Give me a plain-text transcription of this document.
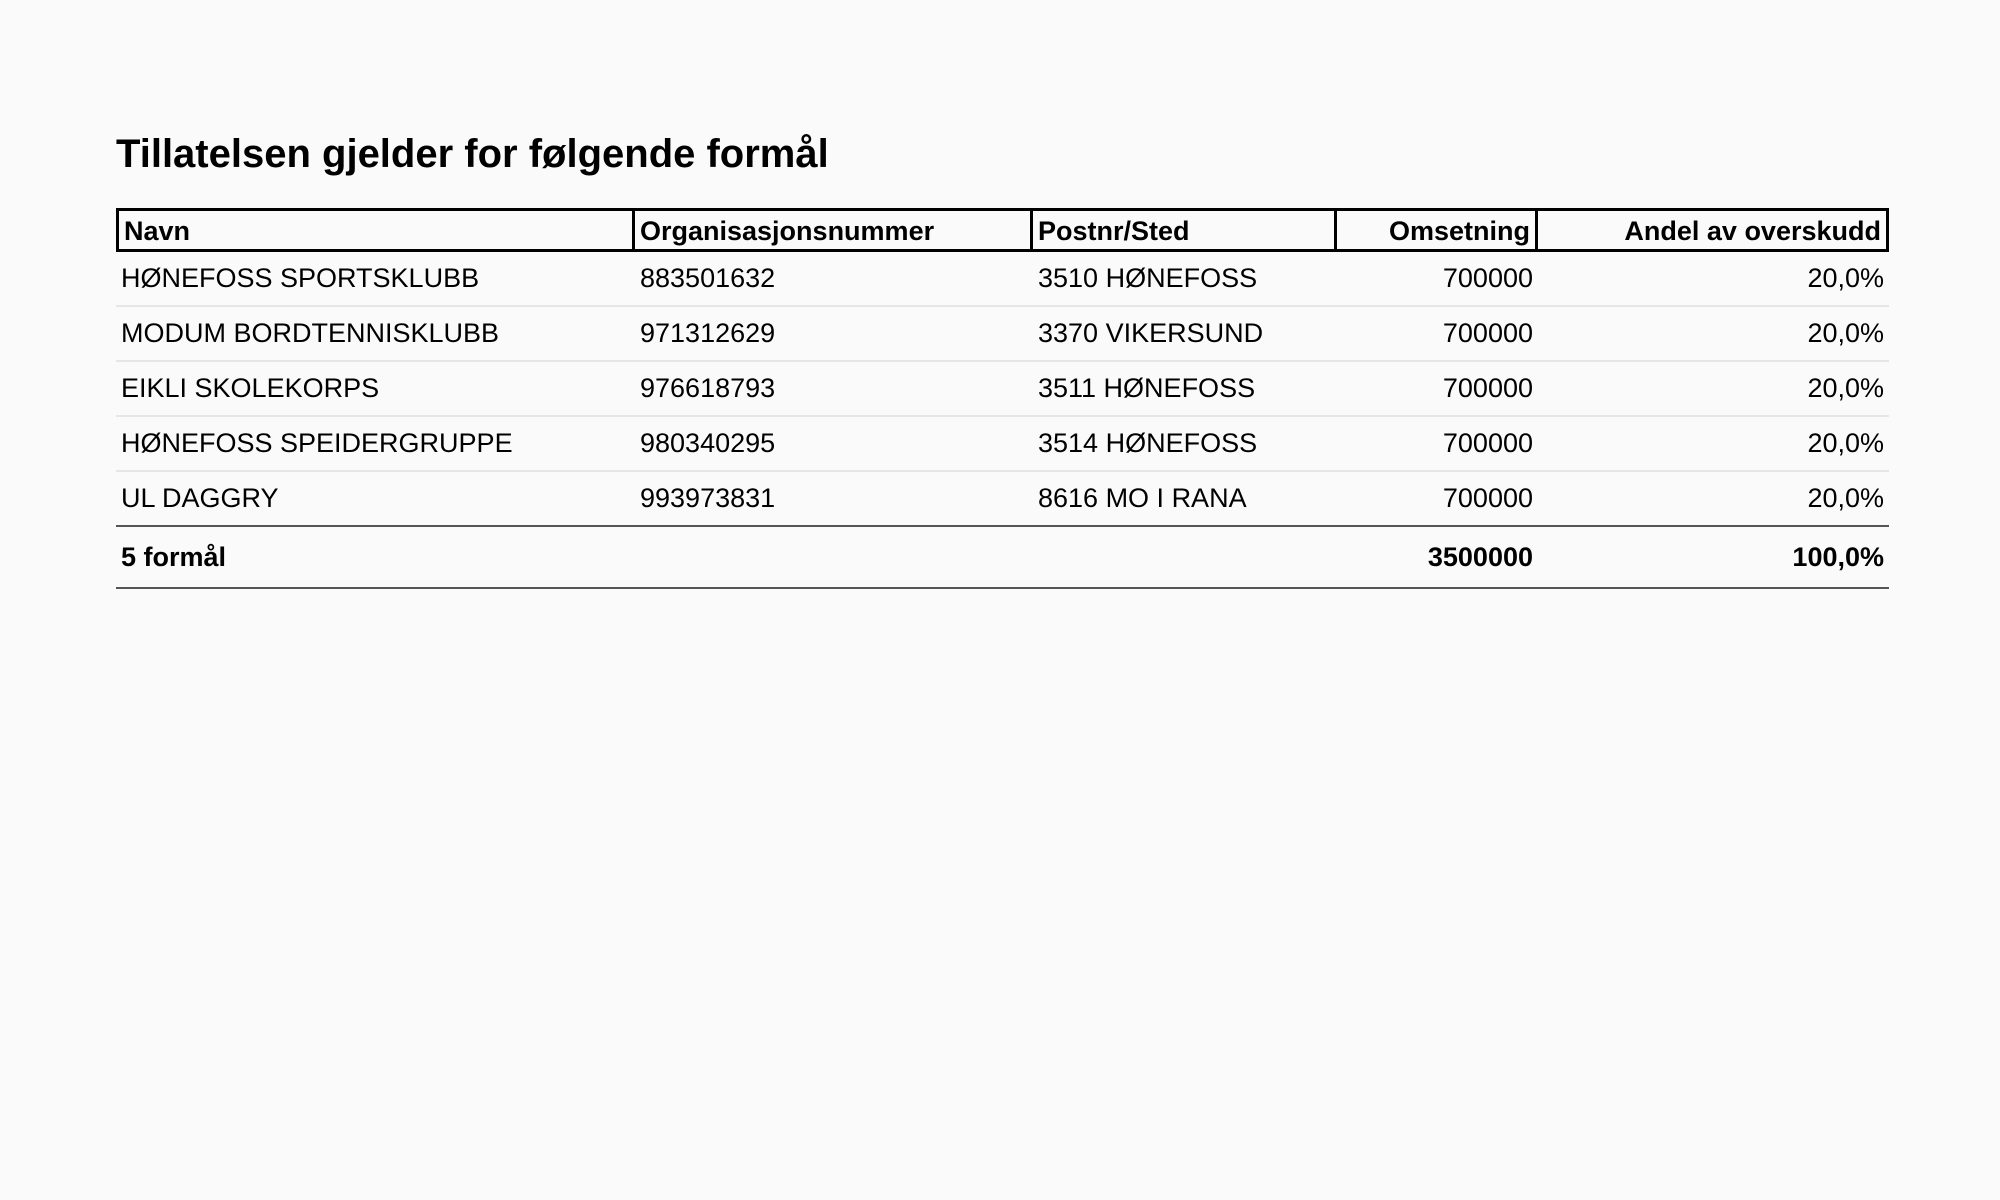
Tillatelsen gjelder for følgende formål
Navn	Organisasjonsnummer	Postnr/Sted	Omsetning	Andel av overskudd
HØNEFOSS SPORTSKLUBB	883501632	3510 HØNEFOSS	700000	20,0%
MODUM BORDTENNISKLUBB	971312629	3370 VIKERSUND	700000	20,0%
EIKLI SKOLEKORPS	976618793	3511 HØNEFOSS	700000	20,0%
HØNEFOSS SPEIDERGRUPPE	980340295	3514 HØNEFOSS	700000	20,0%
UL DAGGRY	993973831	8616 MO I RANA	700000	20,0%
5 formål			3500000	100,0%
